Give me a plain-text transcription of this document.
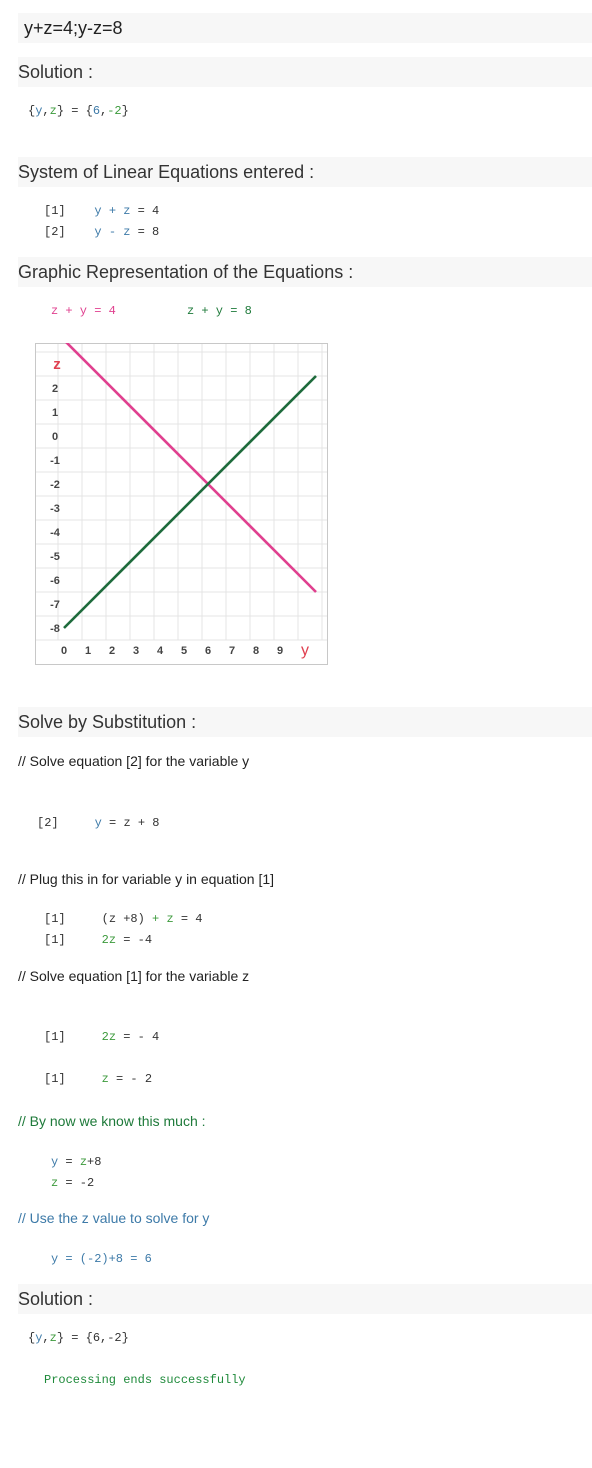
y+z=4;y-z=8
Solution :
{y,z} = {6,-2}
System of Linear Equations entered :
[1] y + z = 4
[2] y - z = 8
Graphic Representation of the Equations :
z + y = 4	z + y = 8
2
1
0
-1
-2
-3
-4
-5
-6
-7
-8
0 1 2 3 4 5 6 7 8 9
z
y
Solve by Substitution :
// Solve equation [2] for the variable y
[2]	y = z + 8
// Plug this in for variable y in equation [1]
[1]	(z +8) + z = 4
[1]	2z = -4
// Solve equation [1] for the variable z
[1]	2z = - 4
[1]	z = - 2
// By now we know this much :
y = z+8
z = -2
// Use the z value to solve for y
y = (-2)+8 = 6
Solution :
{y,z} = {6,-2}
Processing ends successfully
